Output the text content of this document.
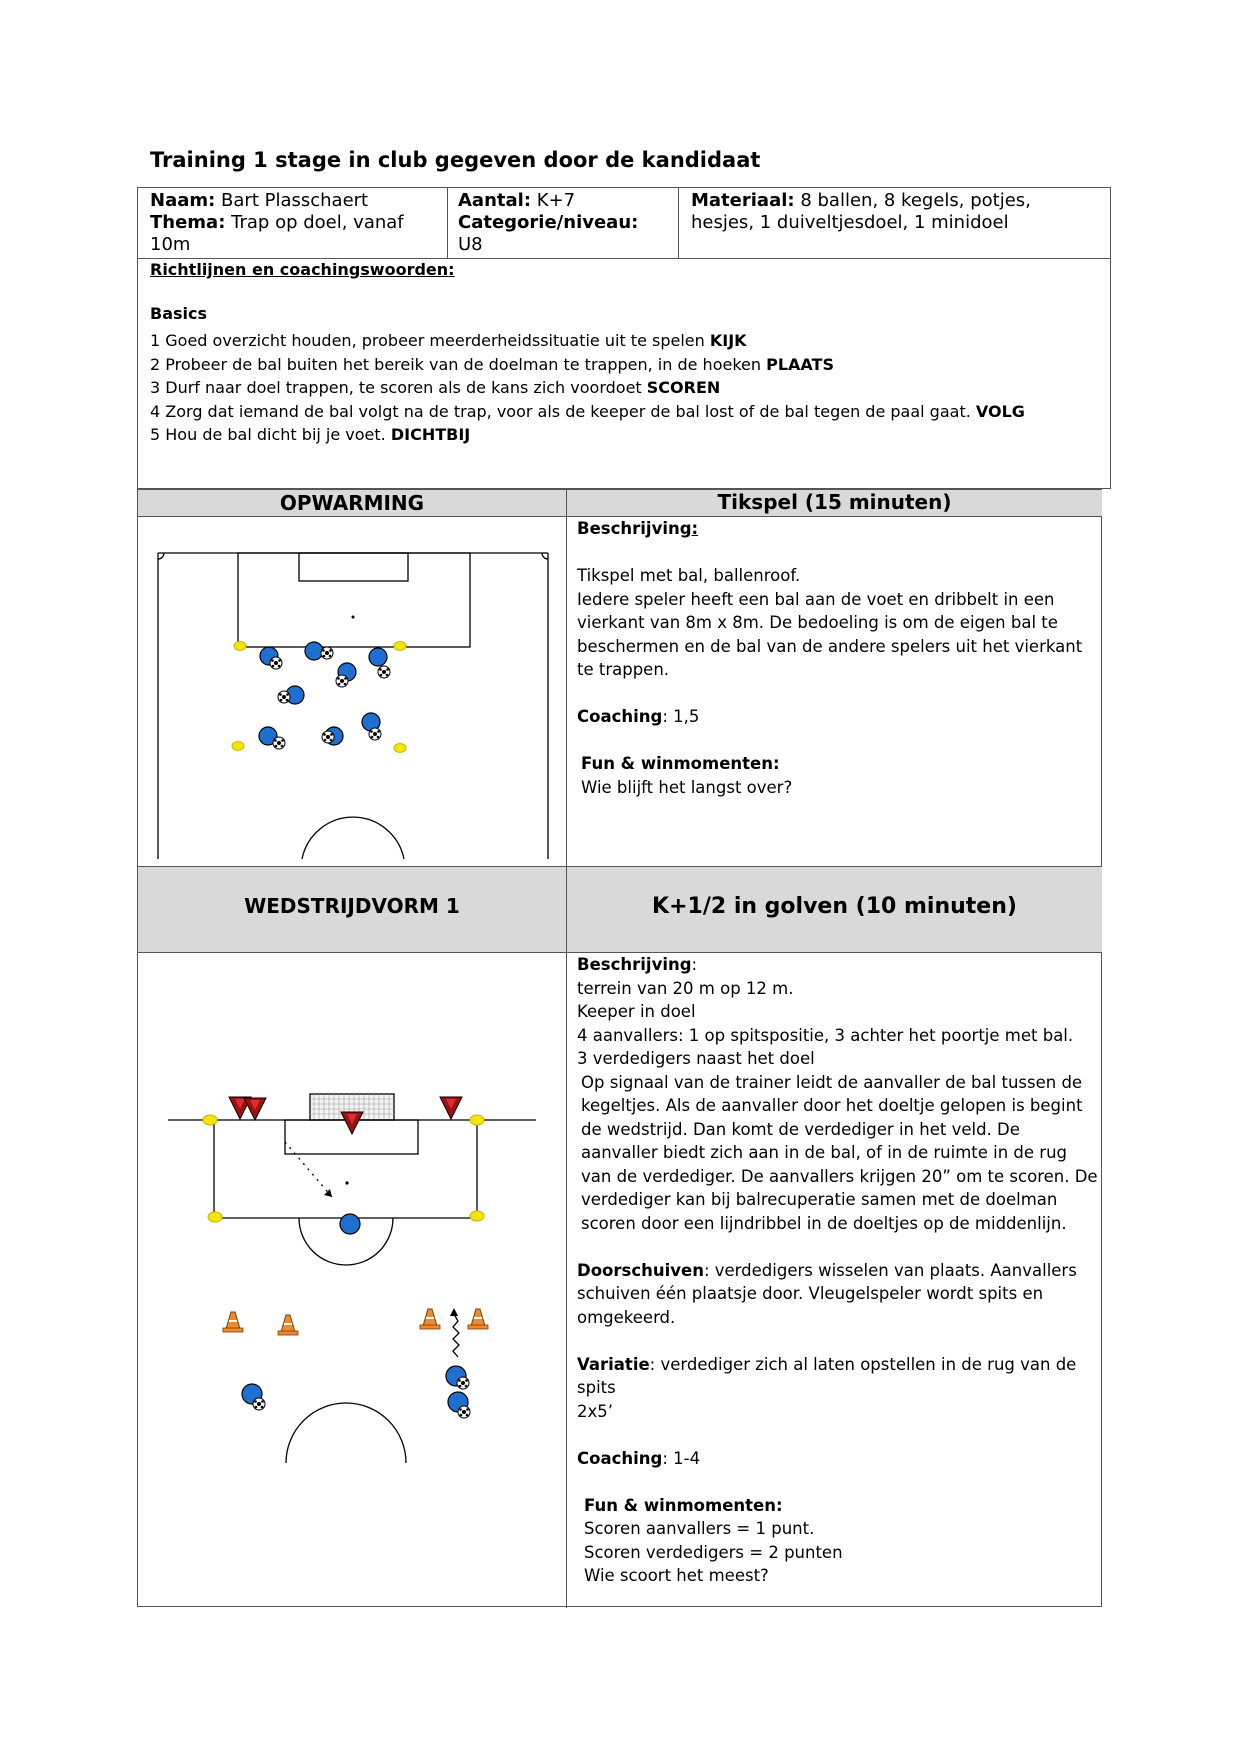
Training 1 stage in club gegeven door de kandidaat
Naam: Bart Plasschaert
Thema: Trap op doel, vanaf 10m
Aantal: K+7
Categorie/niveau:
U8
Materiaal: 8 ballen, 8 kegels, potjes, hesjes, 1 duiveltjesdoel, 1 minidoel
Richtlijnen en coachingswoorden:
Basics
1 Goed overzicht houden, probeer meerderheidssituatie uit te spelen KIJK
2 Probeer de bal buiten het bereik van de doelman te trappen, in de hoeken PLAATS
3 Durf naar doel trappen, te scoren als de kans zich voordoet SCOREN
4 Zorg dat iemand de bal volgt na de trap, voor als de keeper de bal lost of de bal tegen de paal gaat. VOLG
5 Hou de bal dicht bij je voet. DICHTBIJ
OPWARMING	Tikspel (15 minuten)

Beschrijving:

Tikspel met bal, ballenroof.

Iedere speler heeft een bal aan de voet en dribbelt in een vierkant van 8m x 8m. De bedoeling is om de eigen bal te beschermen en de bal van de andere spelers uit het vierkant te trappen.

Coaching: 1,5

Fun & winmomenten:

Wie blijft het langst over?

WEDSTRIJDVORM 1	K+1/2 in golven (10 minuten)

Beschrijving:

terrein van 20 m op 12 m.

Keeper in doel

4 aanvallers: 1 op spitspositie, 3 achter het poortje met bal.

3 verdedigers naast het doel

Op signaal van de trainer leidt de aanvaller de bal tussen de kegeltjes. Als de aanvaller door het doeltje gelopen is begint de wedstrijd. Dan komt de verdediger in het veld. De aanvaller biedt zich aan in de bal, of in de ruimte in de rug van de verdediger. De aanvallers krijgen 20” om te scoren. De verdediger kan bij balrecuperatie samen met de doelman scoren door een lijndribbel in de doeltjes op de middenlijn.

Doorschuiven: verdedigers wisselen van plaats. Aanvallers schuiven één plaatsje door. Vleugelspeler wordt spits en omgekeerd.

Variatie: verdediger zich al laten opstellen in de rug van de spits

2x5’

Coaching: 1-4

Fun & winmomenten:

Scoren aanvallers = 1 punt.

Scoren verdedigers = 2 punten

Wie scoort het meest?
